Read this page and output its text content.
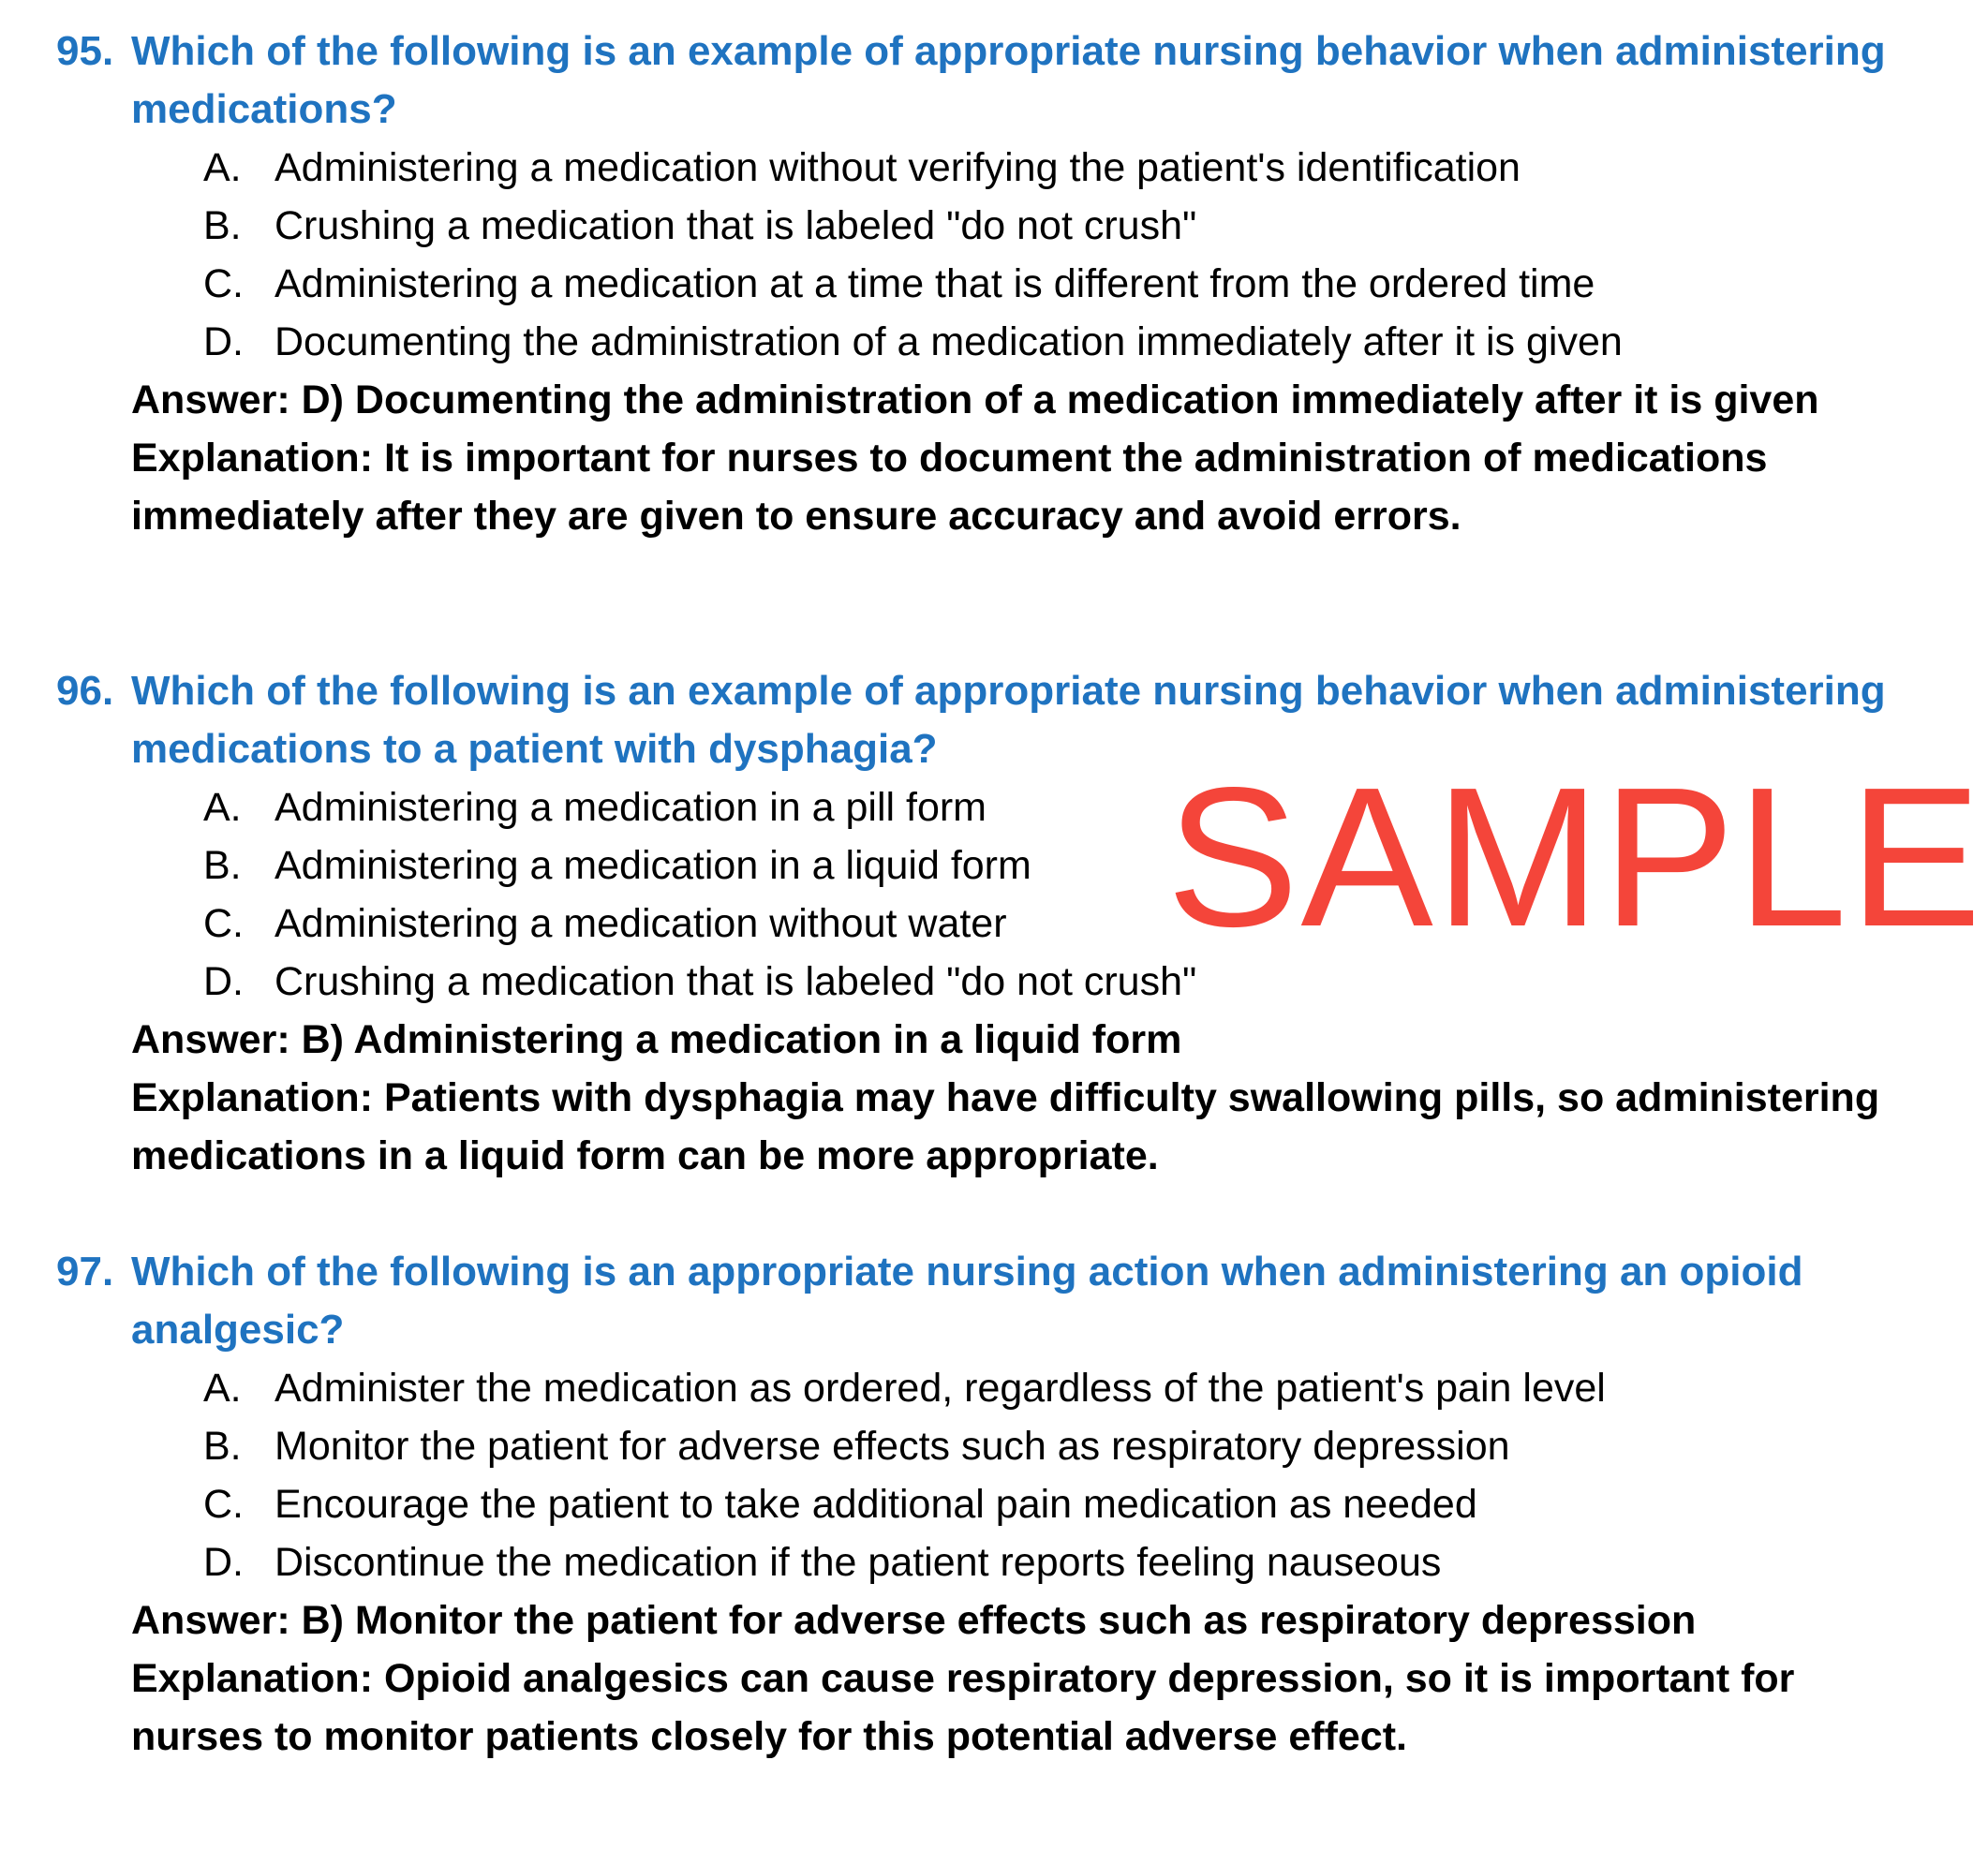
95. Which of the following is an example of appropriate nursing behavior when administering medications?

A. Administering a medication without verifying the patient's identification
B. Crushing a medication that is labeled "do not crush"
C. Administering a medication at a time that is different from the ordered time
D. Documenting the administration of a medication immediately after it is given

Answer: D) Documenting the administration of a medication immediately after it is given

Explanation: It is important for nurses to document the administration of medications immediately after they are given to ensure accuracy and avoid errors.

96. Which of the following is an example of appropriate nursing behavior when administering medications to a patient with dysphagia?

A. Administering a medication in a pill form
B. Administering a medication in a liquid form
C. Administering a medication without water
D. Crushing a medication that is labeled "do not crush"

Answer: B) Administering a medication in a liquid form

Explanation: Patients with dysphagia may have difficulty swallowing pills, so administering medications in a liquid form can be more appropriate.

97. Which of the following is an appropriate nursing action when administering an opioid analgesic?

A. Administer the medication as ordered, regardless of the patient's pain level
B. Monitor the patient for adverse effects such as respiratory depression
C. Encourage the patient to take additional pain medication as needed
D. Discontinue the medication if the patient reports feeling nauseous

Answer: B) Monitor the patient for adverse effects such as respiratory depression

Explanation: Opioid analgesics can cause respiratory depression, so it is important for nurses to monitor patients closely for this potential adverse effect.

SAMPLE
